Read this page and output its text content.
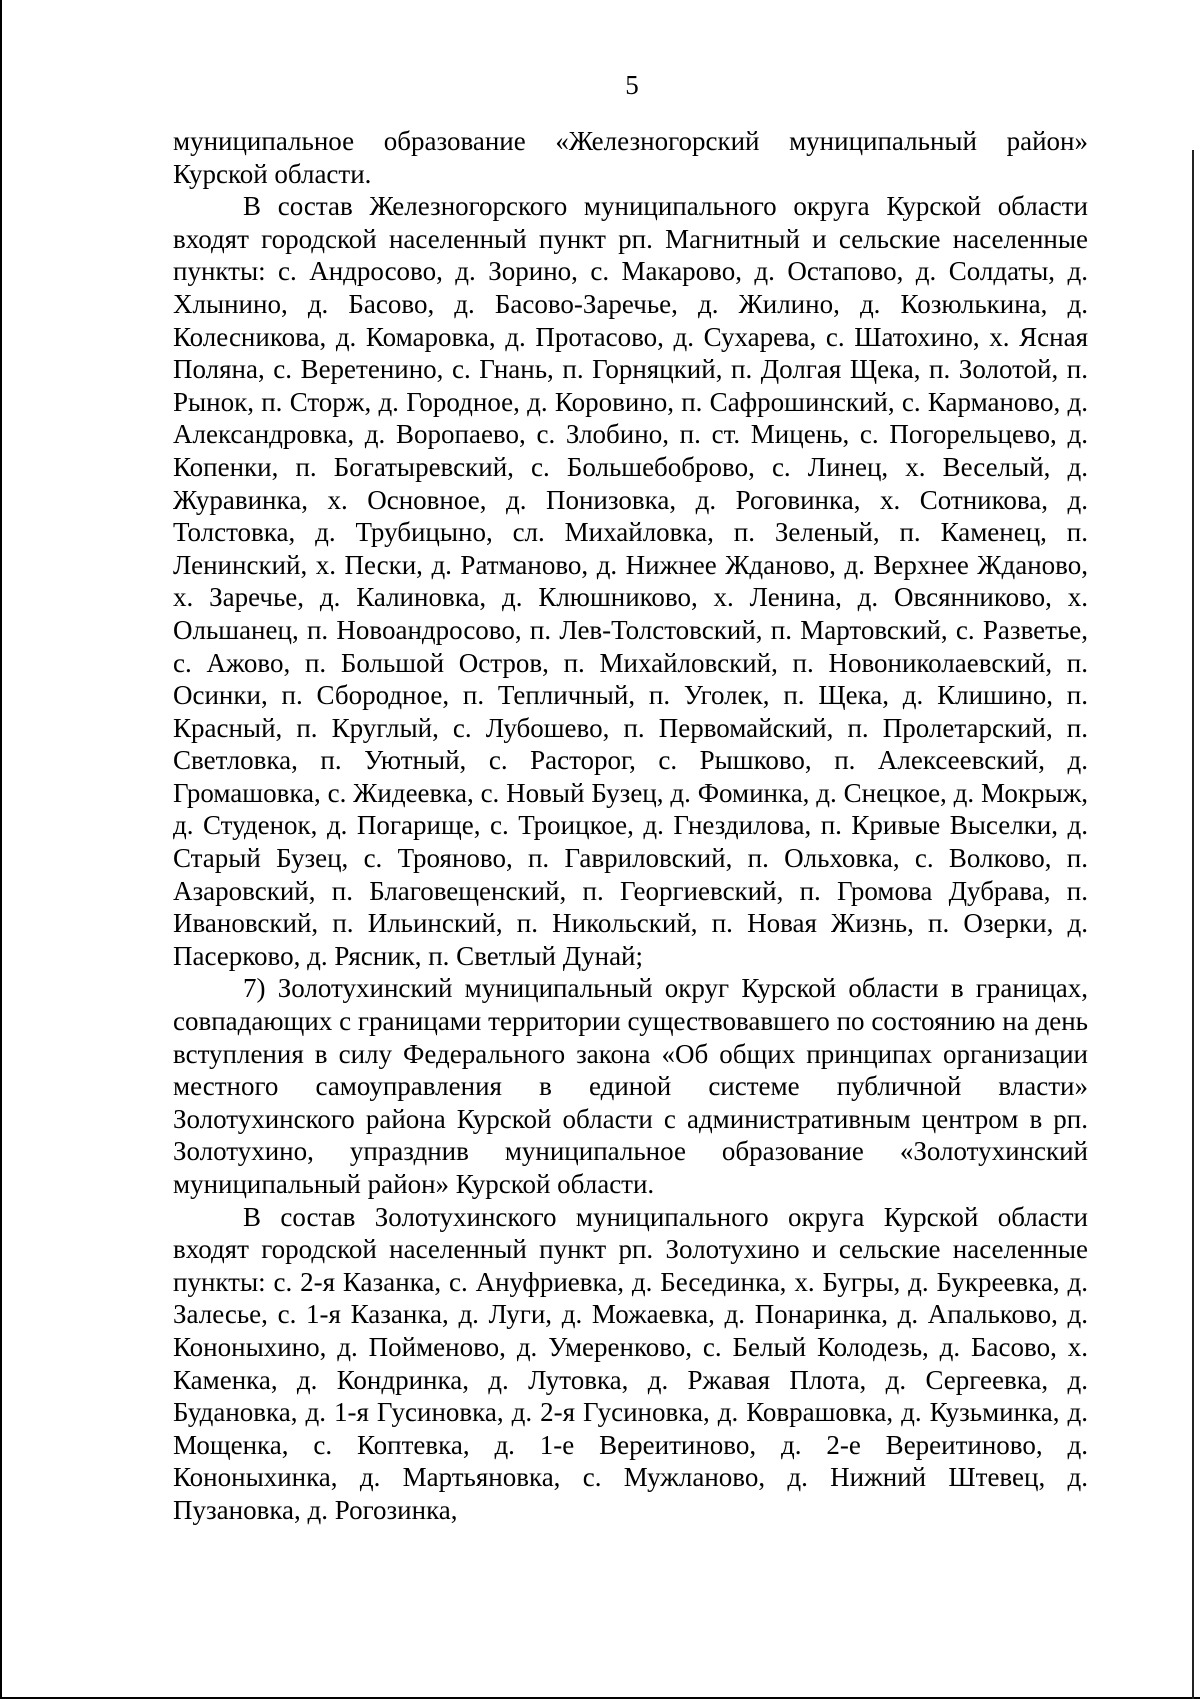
5

муниципальное образование «Железногорский муниципальный район» Курской области.

В состав Железногорского муниципального округа Курской области входят городской населенный пункт рп. Магнитный и сельские населенные пункты: с. Андросово, д. Зорино, с. Макарово, д. Остапово, д. Солдаты, д. Хлынино, д. Басово, д. Басово-Заречье, д. Жилино, д. Козюлькина, д. Колесникова, д. Комаровка, д. Протасово, д. Сухарева, с. Шатохино, х. Ясная Поляна, с. Веретенино, с. Гнань, п. Горняцкий, п. Долгая Щека, п. Золотой, п. Рынок, п. Сторж, д. Городное, д. Коровино, п. Сафрошинский, с. Карманово, д. Александровка, д. Воропаево, с. Злобино, п. ст. Мицень, с. Погорельцево, д. Копенки, п. Богатыревский, с. Большебоброво, с. Линец, х. Веселый, д. Журавинка, х. Основное, д. Понизовка, д. Роговинка, х. Сотникова, д. Толстовка, д. Трубицыно, сл. Михайловка, п. Зеленый, п. Каменец, п. Ленинский, х. Пески, д. Ратманово, д. Нижнее Жданово, д. Верхнее Жданово, х. Заречье, д. Калиновка, д. Клюшниково, х. Ленина, д. Овсянниково, х. Ольшанец, п. Новоандросово, п. Лев-Толстовский, п. Мартовский, с. Разветье, с. Ажово, п. Большой Остров, п. Михайловский, п. Новониколаевский, п. Осинки, п. Сбородное, п. Тепличный, п. Уголек, п. Щека, д. Клишино, п. Красный, п. Круглый, с. Лубошево, п. Первомайский, п. Пролетарский, п. Светловка, п. Уютный, с. Расторог, с. Рышково, п. Алексеевский, д. Громашовка, с. Жидеевка, с. Новый Бузец, д. Фоминка, д. Снецкое, д. Мокрыж, д. Студенок, д. Погарище, с. Троицкое, д. Гнездилова, п. Кривые Выселки, д. Старый Бузец, с. Трояново, п. Гавриловский, п. Ольховка, с. Волково, п. Азаровский, п. Благовещенский, п. Георгиевский, п. Громова Дубрава, п. Ивановский, п. Ильинский, п. Никольский, п. Новая Жизнь, п. Озерки, д. Пасерково, д. Рясник, п. Светлый Дунай;

7) Золотухинский муниципальный округ Курской области в границах, совпадающих с границами территории существовавшего по состоянию на день вступления в силу Федерального закона «Об общих принципах организации местного самоуправления в единой системе публичной власти» Золотухинского района Курской области с административным центром в рп. Золотухино, упразднив муниципальное образование «Золотухинский муниципальный район» Курской области.

В состав Золотухинского муниципального округа Курской области входят городской населенный пункт рп. Золотухино и сельские населенные пункты: с. 2-я Казанка, с. Ануфриевка, д. Бесединка, х. Бугры, д. Букреевка, д. Залесье, с. 1-я Казанка, д. Луги, д. Можаевка, д. Понаринка, д. Апальково, д. Кононыхино, д. Пойменово, д. Умеренково, с. Белый Колодезь, д. Басово, х. Каменка, д. Кондринка, д. Лутовка, д. Ржавая Плота, д. Сергеевка, д. Будановка, д. 1-я Гусиновка, д. 2-я Гусиновка, д. Коврашовка, д. Кузьминка, д. Мощенка, с. Коптевка, д. 1-е Вереитиново, д. 2-е Вереитиново, д. Кононыхинка, д. Мартьяновка, с. Мужланово, д. Нижний Штевец, д. Пузановка, д. Рогозинка,
